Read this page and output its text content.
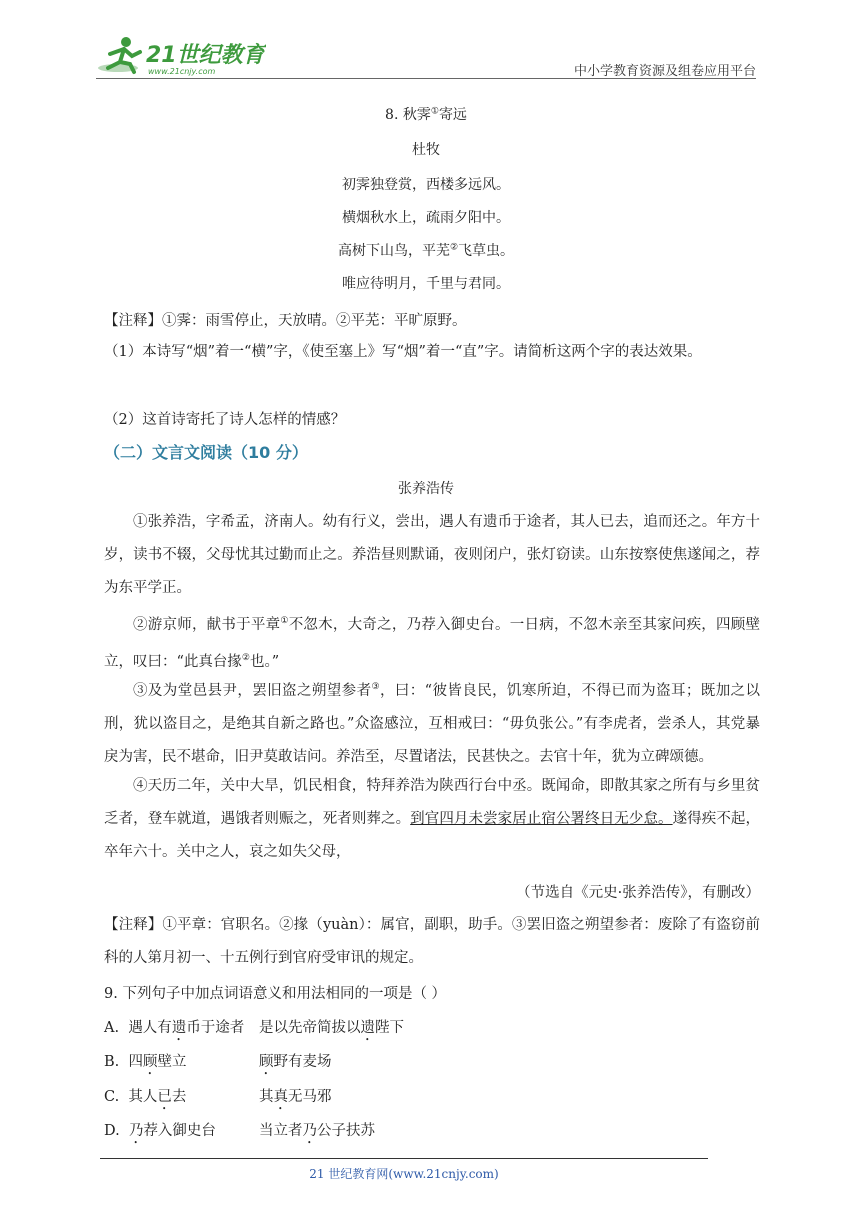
21世纪教育
www.21cnjy.com	中小学教育资源及组卷应用平台
8. 秋霁①寄远
杜牧
初霁独登赏，西楼多远风。
横烟秋水上，疏雨夕阳中。
高树下山鸟，平芜②飞草虫。
唯应待明月，千里与君同。
【注释】①霁：雨雪停止，天放晴。②平芜：平旷原野。
（1）本诗写“烟”着一“横”字，《使至塞上》写“烟”着一“直”字。请简析这两个字的表达效果。
（2）这首诗寄托了诗人怎样的情感？
（二）文言文阅读（10 分）
张养浩传
①张养浩，字希孟，济南人。幼有行义，尝出，遇人有遗币于途者，其人已去，追而还之。年方十岁，读书不辍，父母忧其过勤而止之。养浩昼则默诵，夜则闭户，张灯窃读。山东按察使焦遂闻之，荐为东平学正。
②游京师，献书于平章①不忽木，大奇之，乃荐入御史台。一日病，不忽木亲至其家问疾，四顾壁立，叹曰：“此真台掾②也。”
③及为堂邑县尹，罢旧盗之朔望参者③，曰：“彼皆良民，饥寒所迫，不得已而为盗耳；既加之以刑，犹以盗目之，是绝其自新之路也。”众盗感泣，互相戒曰：“毋负张公。”有李虎者，尝杀人，其党暴戾为害，民不堪命，旧尹莫敢诘问。养浩至，尽置诸法，民甚快之。去官十年，犹为立碑颂德。
④天历二年，关中大旱，饥民相食，特拜养浩为陕西行台中丞。既闻命，即散其家之所有与乡里贫乏者，登车就道，遇饿者则赈之，死者则葬之。到官四月未尝家居止宿公署终日无少怠。遂得疾不起，卒年六十。关中之人，哀之如失父母，
（节选自《元史·张养浩传》，有删改）
【注释】①平章：官职名。②掾（yuàn）：属官，副职，助手。③罢旧盗之朔望参者：废除了有盗窃前科的人第月初一、十五例行到官府受审讯的规定。
9. 下列句子中加点词语意义和用法相同的一项是（ ）
A. 遇人有遗币于途者 是以先帝简拔以遗陛下
B. 四顾壁立	顾野有麦场
C. 其人已去	其真无马邪
D. 乃荐入御史台	当立者乃公子扶苏
21 世纪教育网(www.21cnjy.com)
